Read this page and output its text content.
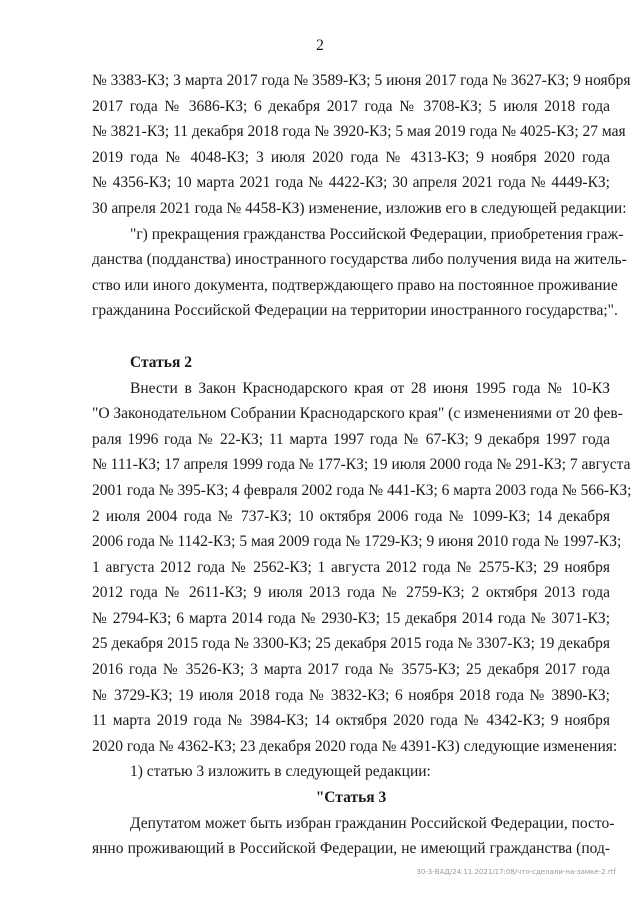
2
№ 3383-КЗ; 3 марта 2017 года № 3589-КЗ; 5 июня 2017 года № 3627-КЗ; 9 ноября
2017 года № 3686-КЗ; 6 декабря 2017 года № 3708-КЗ; 5 июля 2018 года
№ 3821-КЗ; 11 декабря 2018 года № 3920-КЗ; 5 мая 2019 года № 4025-КЗ; 27 мая
2019 года № 4048-КЗ; 3 июля 2020 года № 4313-КЗ; 9 ноября 2020 года
№ 4356-КЗ; 10 марта 2021 года № 4422-КЗ; 30 апреля 2021 года № 4449-КЗ;
30 апреля 2021 года № 4458-КЗ) изменение, изложив его в следующей редакции:
"г) прекращения гражданства Российской Федерации, приобретения граж-
данства (подданства) иностранного государства либо получения вида на житель-
ство или иного документа, подтверждающего право на постоянное проживание
гражданина Российской Федерации на территории иностранного государства;".
Статья 2
Внести в Закон Краснодарского края от 28 июня 1995 года № 10-КЗ
"О Законодательном Собрании Краснодарского края" (с изменениями от 20 фев-
раля 1996 года № 22-КЗ; 11 марта 1997 года № 67-КЗ; 9 декабря 1997 года
№ 111-КЗ; 17 апреля 1999 года № 177-КЗ; 19 июля 2000 года № 291-КЗ; 7 августа
2001 года № 395-КЗ; 4 февраля 2002 года № 441-КЗ; 6 марта 2003 года № 566-КЗ;
2 июля 2004 года № 737-КЗ; 10 октября 2006 года № 1099-КЗ; 14 декабря
2006 года № 1142-КЗ; 5 мая 2009 года № 1729-КЗ; 9 июня 2010 года № 1997-КЗ;
1 августа 2012 года № 2562-КЗ; 1 августа 2012 года № 2575-КЗ; 29 ноября
2012 года № 2611-КЗ; 9 июля 2013 года № 2759-КЗ; 2 октября 2013 года
№ 2794-КЗ; 6 марта 2014 года № 2930-КЗ; 15 декабря 2014 года № 3071-КЗ;
25 декабря 2015 года № 3300-КЗ; 25 декабря 2015 года № 3307-КЗ; 19 декабря
2016 года № 3526-КЗ; 3 марта 2017 года № 3575-КЗ; 25 декабря 2017 года
№ 3729-КЗ; 19 июля 2018 года № 3832-КЗ; 6 ноября 2018 года № 3890-КЗ;
11 марта 2019 года № 3984-КЗ; 14 октября 2020 года № 4342-КЗ; 9 ноября
2020 года № 4362-КЗ; 23 декабря 2020 года № 4391-КЗ) следующие изменения:
1) статью 3 изложить в следующей редакции:
"Статья 3
Депутатом может быть избран гражданин Российской Федерации, посто-
янно проживающий в Российской Федерации, не имеющий гражданства (под-
30-3-ВАД/24.11.2021/17:08/что-сделали-на-замке-2.rtf
